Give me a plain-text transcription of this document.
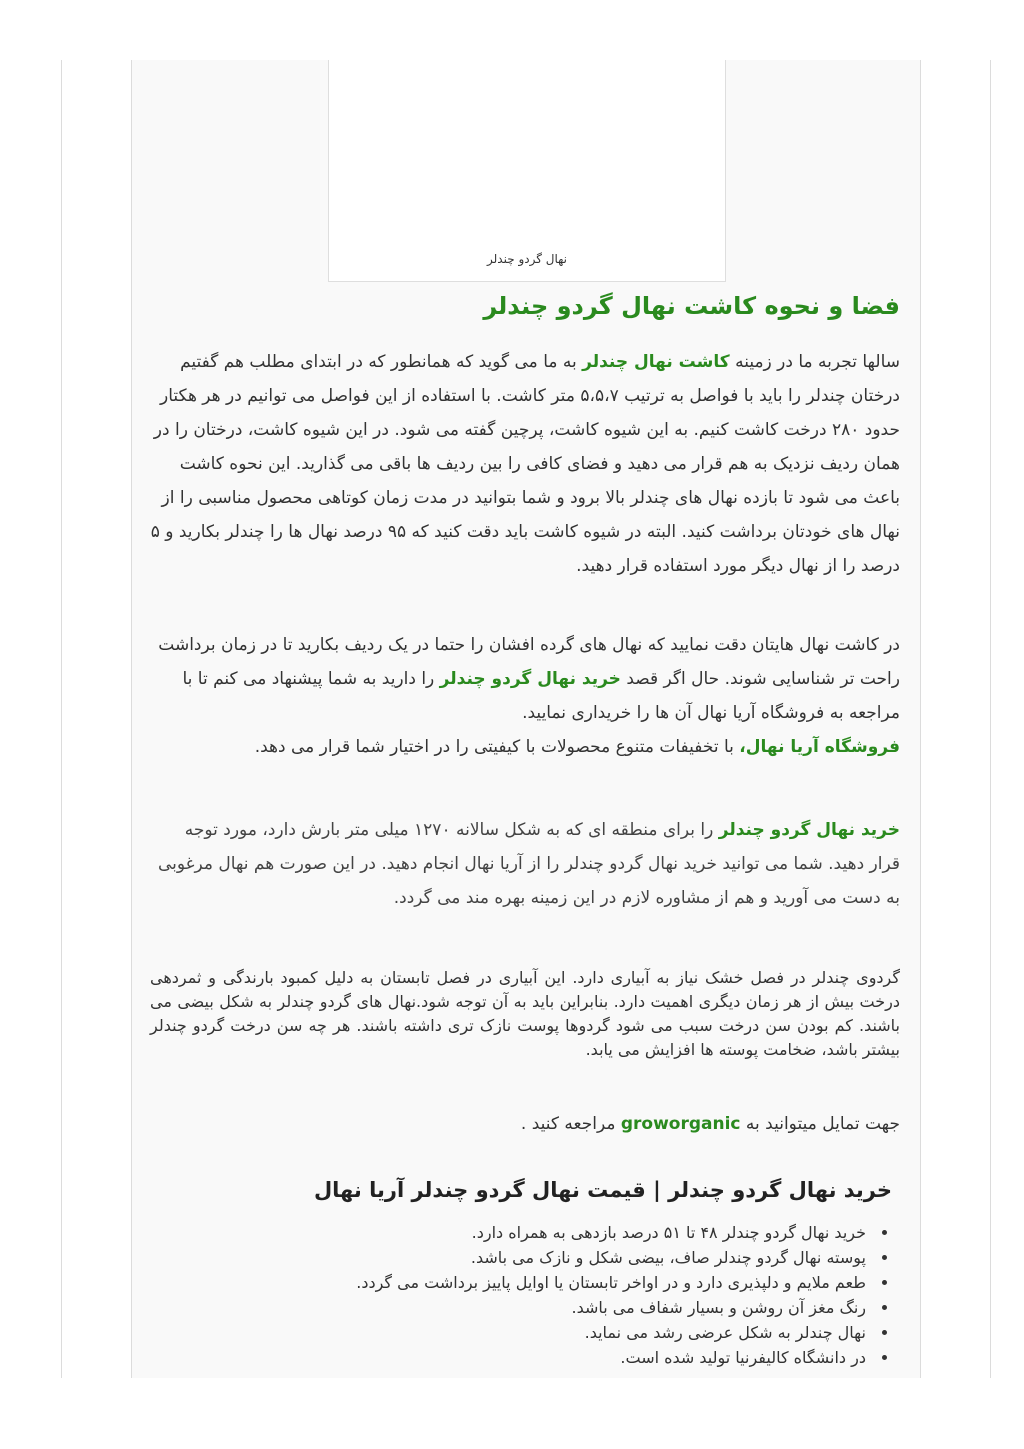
نهال گردو چندلر
فضا و نحوه کاشت نهال گردو چندلر

سالها تجربه ما در زمینه کاشت نهال چندلر به ما می گوید که همانطور که در ابتدای مطلب هم گفتیم درختان چندلر را باید با فواصل به ترتیب ۵،۵،۷ متر کاشت. با استفاده از این فواصل می توانیم در هر هکتار حدود ۲۸۰ درخت کاشت کنیم. به این شیوه کاشت، پرچین گفته می شود. در این شیوه کاشت، درختان را در همان ردیف نزدیک به هم قرار می دهید و فضای کافی را بین ردیف ها باقی می گذارید. این نحوه کاشت باعث می شود تا بازده نهال های چندلر بالا برود و شما بتوانید در مدت زمان کوتاهی محصول مناسبی را از نهال های خودتان برداشت کنید. البته در شیوه کاشت باید دقت کنید که ۹۵ درصد نهال ها را چندلر بکارید و ۵ درصد را از نهال دیگر مورد استفاده قرار دهید.

در کاشت نهال هایتان دقت نمایید که نهال های گرده افشان را حتما در یک ردیف بکارید تا در زمان برداشت راحت تر شناسایی شوند. حال اگر قصد خرید نهال گردو چندلر را دارید به شما پیشنهاد می کنم تا با مراجعه به فروشگاه آریا نهال آن ها را خریداری نمایید.
فروشگاه آریا نهال، با تخفیفات متنوع محصولات با کیفیتی را در اختیار شما قرار می دهد.

خرید نهال گردو چندلر را برای منطقه ای که به شکل سالانه ۱۲۷۰ میلی متر بارش دارد، مورد توجه قرار دهید. شما می توانید خرید نهال گردو چندلر را از آریا نهال انجام دهید. در این صورت هم نهال مرغوبی به دست می آورید و هم از مشاوره لازم در این زمینه بهره مند می گردد.

گردوی چندلر در فصل خشک نیاز به آبیاری دارد. این آبیاری در فصل تابستان به دلیل کمبود بارندگی و ثمردهی درخت بیش از هر زمان دیگری اهمیت دارد. بنابراین باید به آن توجه شود.نهال های گردو چندلر به شکل بیضی می باشند. کم بودن سن درخت سبب می شود گردوها پوست نازک تری داشته باشند. هر چه سن درخت گردو چندلر بیشتر باشد، ضخامت پوسته ها افزایش می یابد.

جهت تمایل میتوانید به groworganic مراجعه کنید .

خرید نهال گردو چندلر | قیمت نهال گردو چندلر آریا نهال
• خرید نهال گردو چندلر ۴۸ تا ۵۱ درصد بازدهی به همراه دارد.
• پوسته نهال گردو چندلر صاف، بیضی شکل و نازک می باشد.
• طعم ملایم و دلپذیری دارد و در اواخر تابستان یا اوایل پاییز برداشت می گردد.
• رنگ مغز آن روشن و بسیار شفاف می باشد.
• نهال چندلر به شکل عرضی رشد می نماید.
• در دانشگاه کالیفرنیا تولید شده است.
